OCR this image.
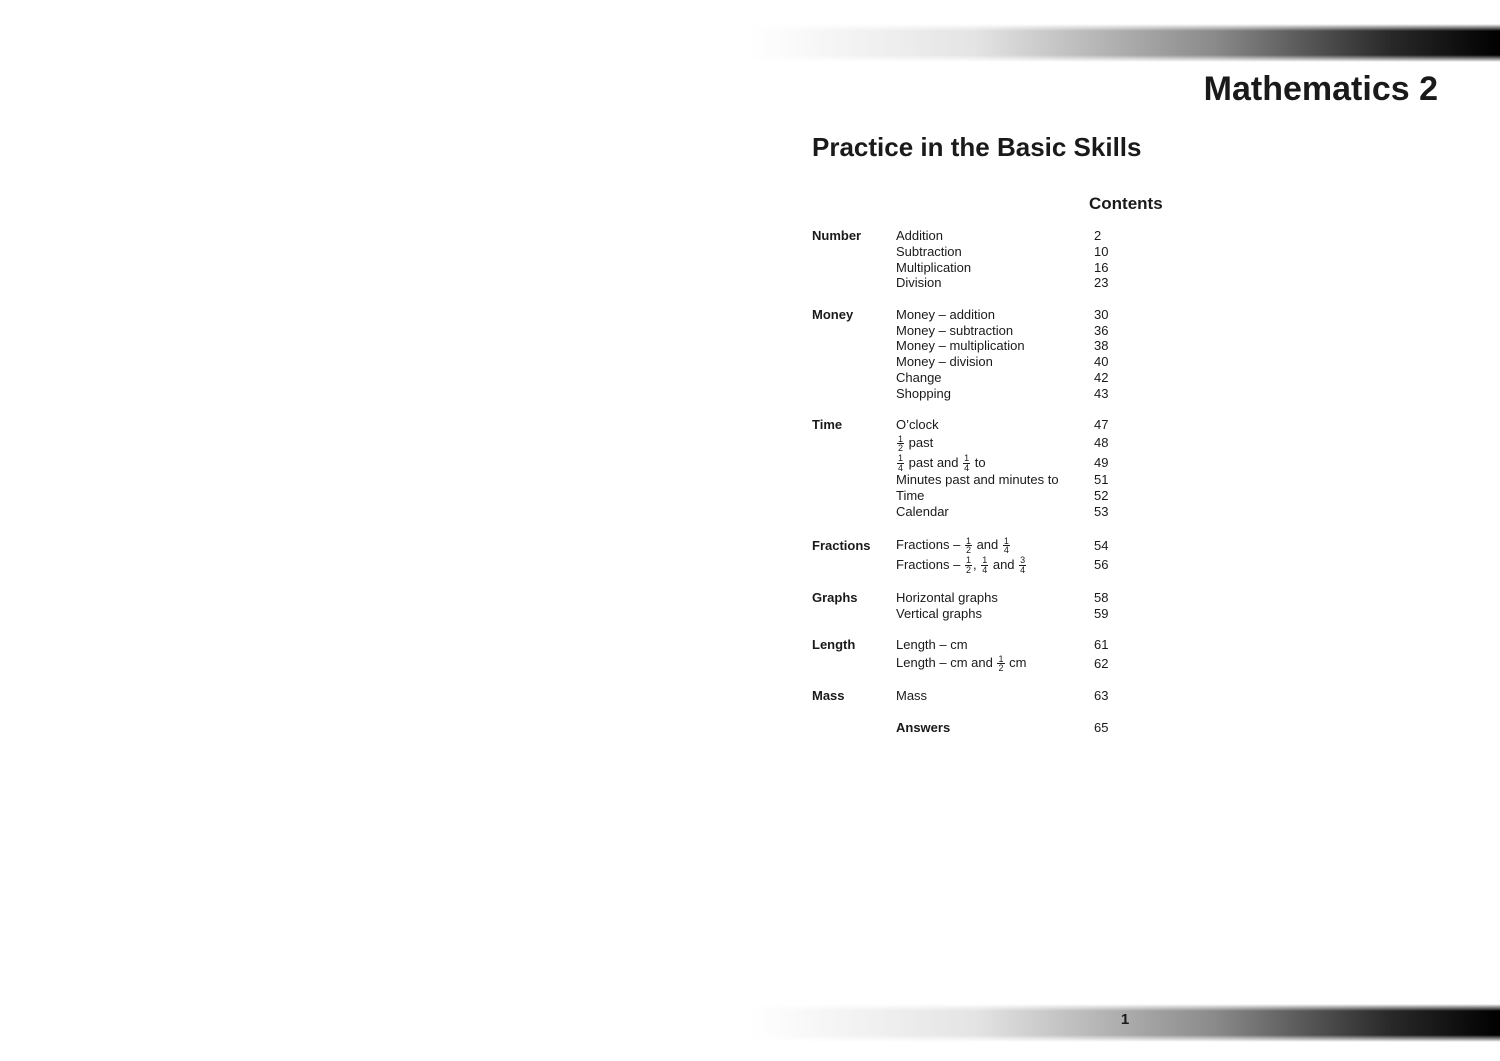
Mathematics 2
Practice in the Basic Skills
Contents
Number	Addition	2
Subtraction	10
Multiplication	16
Division	23
Money	Money – addition	30
Money – subtraction	36
Money – multiplication	38
Money – division	40
Change	42
Shopping	43
Time	O’clock	47
$\frac{1}{2}$ past	48
$\frac{1}{4}$ past and $\frac{1}{4}$ to	49
Minutes past and minutes to	51
Time	52
Calendar	53
Fractions	Fractions – $\frac{1}{2}$ and $\frac{1}{4}$	54
Fractions – $\frac{1}{2}$ , $\frac{1}{4}$ and $\frac{3}{4}$	56
Graphs	Horizontal graphs	58
Vertical graphs	59
Length	Length – cm	61
Length – cm and $\frac{1}{2}$ cm	62
Mass	Mass	63
Answers	65
1
